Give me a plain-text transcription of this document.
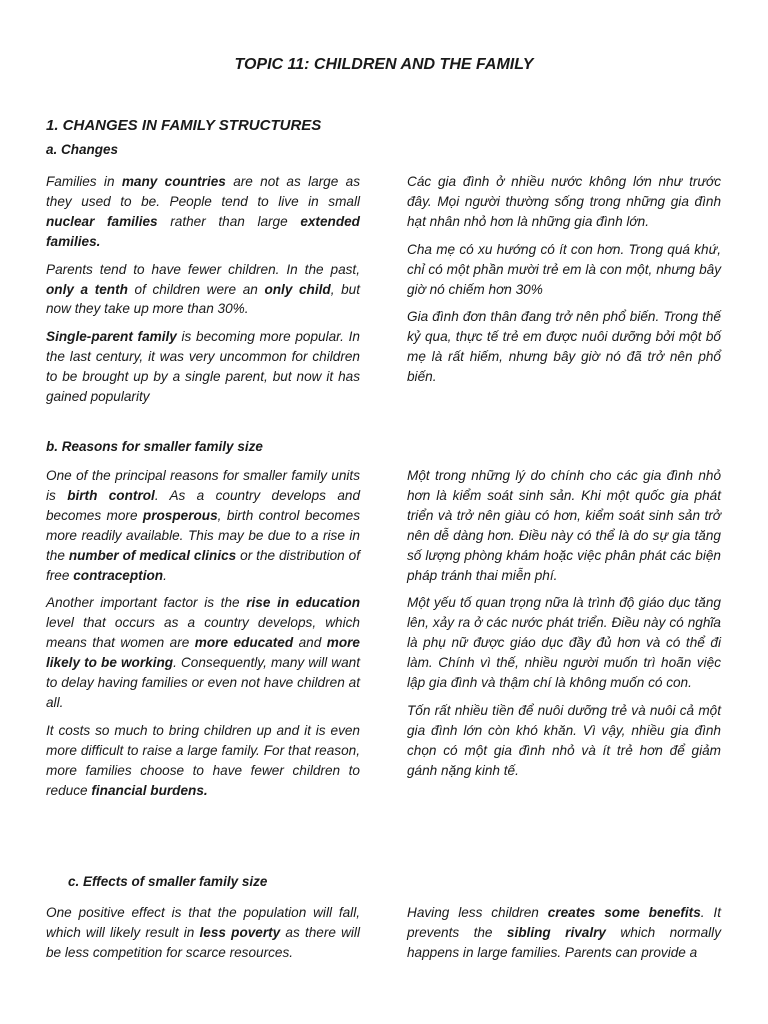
TOPIC 11: CHILDREN AND THE FAMILY
1. CHANGES IN FAMILY STRUCTURES
a. Changes

Families in many countries are not as large as they used to be. People tend to live in small nuclear families rather than large extended families.

Parents tend to have fewer children. In the past, only a tenth of children were an only child, but now they take up more than 30%.

Single-parent family is becoming more popular. In the last century, it was very uncommon for children to be brought up by a single parent, but now it has gained popularity

Các gia đình ở nhiều nước không lớn như trước đây. Mọi người thường sống trong những gia đình hạt nhân nhỏ hơn là những gia đình lớn.

Cha mẹ có xu hướng có ít con hơn. Trong quá khứ, chỉ có một phần mười trẻ em là con một, nhưng bây giờ nó chiếm hơn 30%

Gia đình đơn thân đang trở nên phổ biến. Trong thế kỷ qua, thực tế trẻ em được nuôi dưỡng bởi một bố mẹ là rất hiếm, nhưng bây giờ nó đã trở nên phổ biến.

b. Reasons for smaller family size

One of the principal reasons for smaller family units is birth control. As a country develops and becomes more prosperous, birth control becomes more readily available. This may be due to a rise in the number of medical clinics or the distribution of free contraception.

Another important factor is the rise in education level that occurs as a country develops, which means that women are more educated and more likely to be working. Consequently, many will want to delay having families or even not have children at all.

It costs so much to bring children up and it is even more difficult to raise a large family. For that reason, more families choose to have fewer children to reduce financial burdens.

Một trong những lý do chính cho các gia đình nhỏ hơn là kiểm soát sinh sản. Khi một quốc gia phát triển và trở nên giàu có hơn, kiểm soát sinh sản trở nên dễ dàng hơn. Điều này có thể là do sự gia tăng số lượng phòng khám hoặc việc phân phát các biện pháp tránh thai miễn phí.

Một yếu tố quan trọng nữa là trình độ giáo dục tăng lên, xảy ra ở các nước phát triển. Điều này có nghĩa là phụ nữ được giáo dục đầy đủ hơn và có thể đi làm. Chính vì thế, nhiều người muốn trì hoãn việc lập gia đình và thậm chí là không muốn có con.

Tốn rất nhiều tiền để nuôi dưỡng trẻ và nuôi cả một gia đình lớn còn khó khăn. Vì vậy, nhiều gia đình chọn có một gia đình nhỏ và ít trẻ hơn để giảm gánh nặng kinh tế.

c. Effects of smaller family size

One positive effect is that the population will fall, which will likely result in less poverty as there will be less competition for scarce resources.

Having less children creates some benefits. It prevents the sibling rivalry which normally happens in large families. Parents can provide a
